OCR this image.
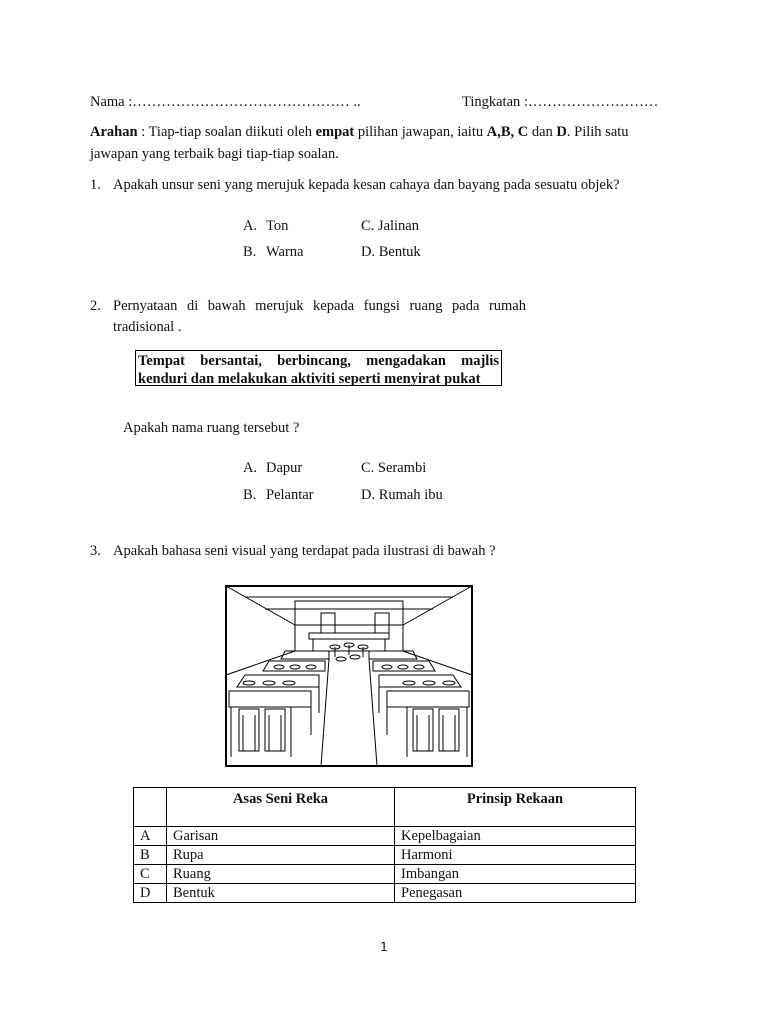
Nama :……………………………………… ..	Tingkatan :………………………
Arahan : Tiap-tiap soalan diikuti oleh empat pilihan jawapan, iaitu A,B, C dan D. Pilih satu
jawapan yang terbaik bagi tiap-tiap soalan.
1. Apakah unsur seni yang merujuk kepada kesan cahaya dan bayang pada sesuatu objek?
A. Ton	C. Jalinan
B. Warna	D. Bentuk
2. Pernyataan di bawah merujuk kepada fungsi ruang pada rumah
tradisional .
Tempat bersantai, berbincang, mengadakan majlis
kenduri dan melakukan aktiviti seperti menyirat pukat
Apakah nama ruang tersebut ?
A. Dapur	C. Serambi
B. Pelantar	D. Rumah ibu
3. Apakah bahasa seni visual yang terdapat pada ilustrasi di bawah ?
	Asas Seni Reka	Prinsip Rekaan
A	Garisan	Kepelbagaian
B	Rupa	Harmoni
C	Ruang	Imbangan
D	Bentuk	Penegasan
1
